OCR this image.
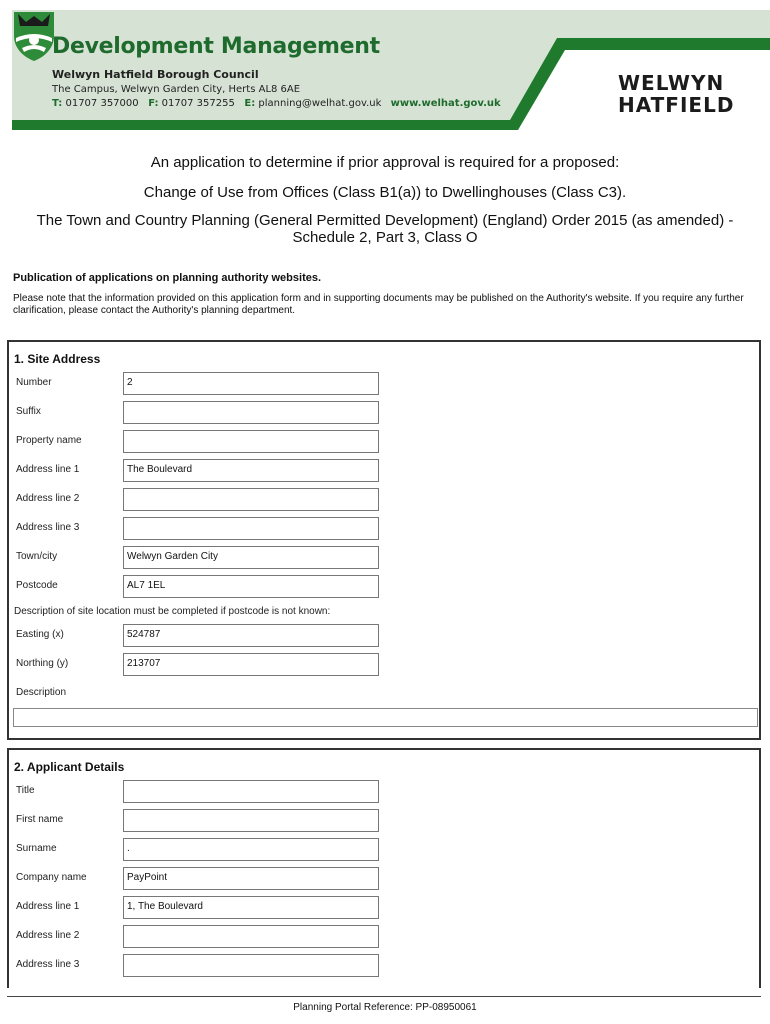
Development Management
Welwyn Hatfield Borough Council
The Campus, Welwyn Garden City, Herts AL8 6AE
T: 01707 357000 F: 01707 357255 E: planning@welhat.gov.uk www.welhat.gov.uk
WELWYN
HATFIELD
An application to determine if prior approval is required for a proposed:
Change of Use from Offices (Class B1(a)) to Dwellinghouses (Class C3).
The Town and Country Planning (General Permitted Development) (England) Order 2015 (as amended) -
Schedule 2, Part 3, Class O
Publication of applications on planning authority websites.
Please note that the information provided on this application form and in supporting documents may be published on the Authority's website. If you require any further clarification, please contact the Authority's planning department.
1. Site Address
Number	2
Suffix
Property name
Address line 1	The Boulevard
Address line 2
Address line 3
Town/city	Welwyn Garden City
Postcode	AL7 1EL
Description of site location must be completed if postcode is not known:
Easting (x)	524787
Northing (y)	213707
Description
2. Applicant Details
Title
First name
Surname	.
Company name	PayPoint
Address line 1	1, The Boulevard
Address line 2
Address line 3
Planning Portal Reference: PP-08950061
